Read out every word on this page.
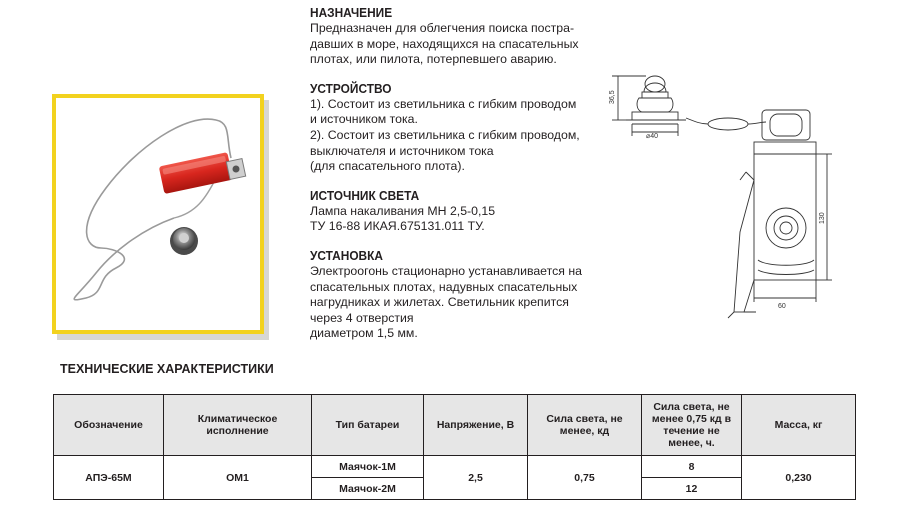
НАЗНАЧЕНИЕ
Предназначен для облегчения поиска постра-
давших в море, находящихся на спасательных
плотах, или пилота, потерпевшего аварию.
УСТРОЙСТВО
1). Состоит из светильника с гибким проводом
и источником тока.
2). Состоит из светильника с гибким проводом,
выключателя и источником тока
(для спасательного плота).
ИСТОЧНИК СВЕТА
Лампа накаливания МН 2,5-0,15
ТУ 16-88 ИКАЯ.675131.011 ТУ.
УСТАНОВКА
Электроогонь стационарно устанавливается на
спасательных плотах, надувных спасательных
нагрудниках и жилетах. Светильник крепится
через 4 отверстия
диаметром 1,5 мм.
36,5
⌀40
130
60
ТЕХНИЧЕСКИЕ ХАРАКТЕРИСТИКИ
Обозначение	Климатическое исполнение	Тип батареи	Напряжение, В	Сила света, не менее, кд	Сила света, не менее 0,75 кд в течение не менее, ч.	Масса, кг
АПЭ-65М	ОМ1	Маячок-1М	2,5	0,75	8	0,230
		Маячок-2М			12	
